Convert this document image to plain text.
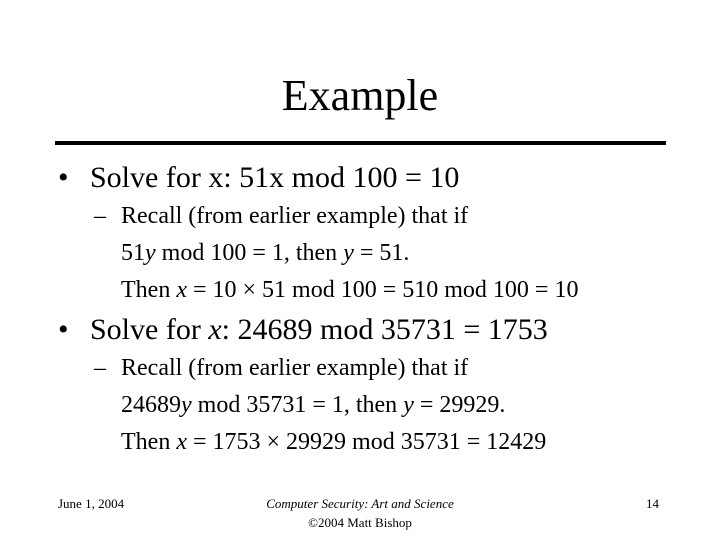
Example
• Solve for x: 51x mod 100 = 10
– Recall (from earlier example) that if
51y mod 100 = 1, then y = 51.
Then x = 10 × 51 mod 100 = 510 mod 100 = 10
• Solve for x: 24689 mod 35731 = 1753
– Recall (from earlier example) that if
24689y mod 35731 = 1, then y = 29929.
Then x = 1753 × 29929 mod 35731 = 12429
June 1, 2004	Computer Security: Art and Science
©2004 Matt Bishop
14
